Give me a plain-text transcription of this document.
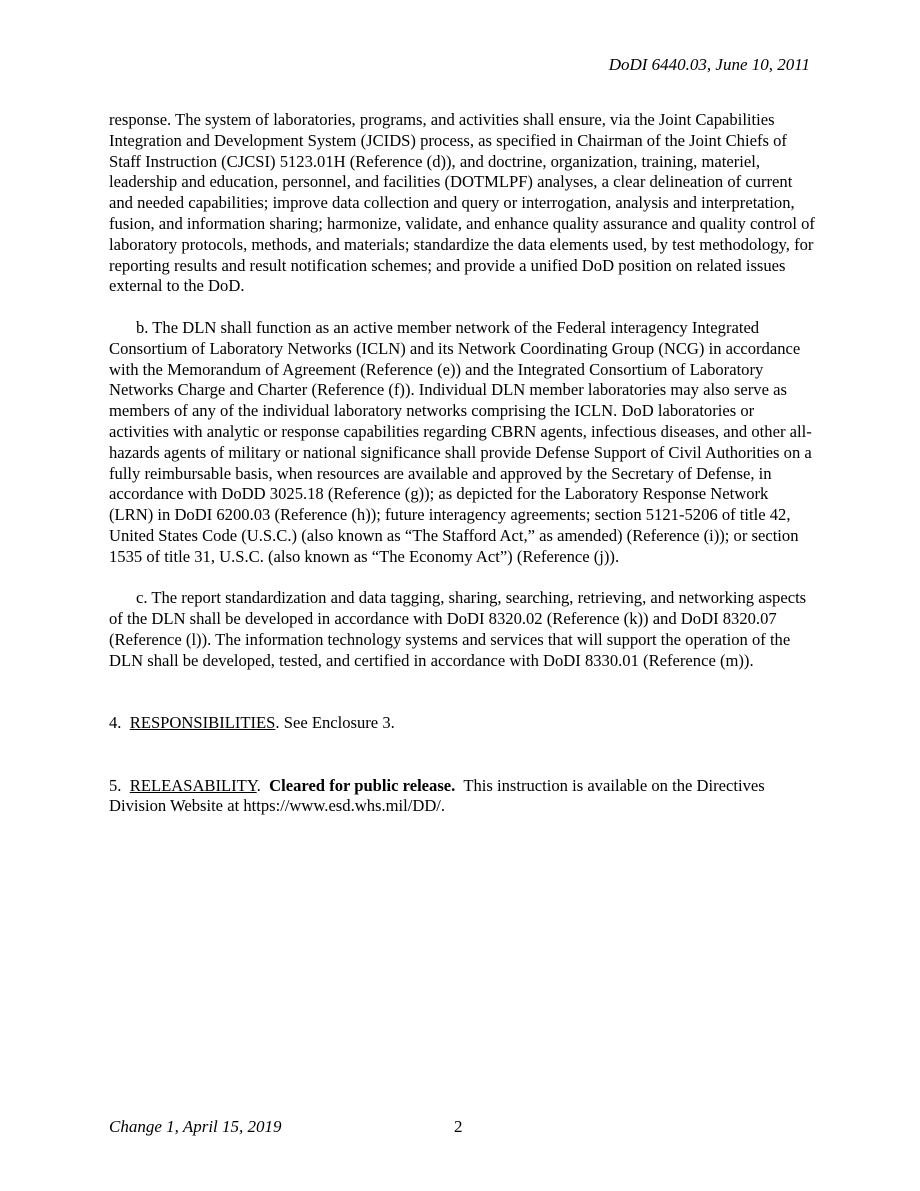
DoDI 6440.03, June 10, 2011

response. The system of laboratories, programs, and activities shall ensure, via the Joint Capabilities Integration and Development System (JCIDS) process, as specified in Chairman of the Joint Chiefs of Staff Instruction (CJCSI) 5123.01H (Reference (d)), and doctrine, organization, training, materiel, leadership and education, personnel, and facilities (DOTMLPF) analyses, a clear delineation of current and needed capabilities; improve data collection and query or interrogation, analysis and interpretation, fusion, and information sharing; harmonize, validate, and enhance quality assurance and quality control of laboratory protocols, methods, and materials; standardize the data elements used, by test methodology, for reporting results and result notification schemes; and provide a unified DoD position on related issues external to the DoD.

b. The DLN shall function as an active member network of the Federal interagency Integrated Consortium of Laboratory Networks (ICLN) and its Network Coordinating Group (NCG) in accordance with the Memorandum of Agreement (Reference (e)) and the Integrated Consortium of Laboratory Networks Charge and Charter (Reference (f)). Individual DLN member laboratories may also serve as members of any of the individual laboratory networks comprising the ICLN. DoD laboratories or activities with analytic or response capabilities regarding CBRN agents, infectious diseases, and other all-hazards agents of military or national significance shall provide Defense Support of Civil Authorities on a fully reimbursable basis, when resources are available and approved by the Secretary of Defense, in accordance with DoDD 3025.18 (Reference (g)); as depicted for the Laboratory Response Network (LRN) in DoDI 6200.03 (Reference (h)); future interagency agreements; section 5121-5206 of title 42, United States Code (U.S.C.) (also known as “The Stafford Act,” as amended) (Reference (i)); or section 1535 of title 31, U.S.C. (also known as “The Economy Act”) (Reference (j)).

c. The report standardization and data tagging, sharing, searching, retrieving, and networking aspects of the DLN shall be developed in accordance with DoDI 8320.02 (Reference (k)) and DoDI 8320.07 (Reference (l)). The information technology systems and services that will support the operation of the DLN shall be developed, tested, and certified in accordance with DoDI 8330.01 (Reference (m)).

4. RESPONSIBILITIES. See Enclosure 3.

5. RELEASABILITY.  Cleared for public release.  This instruction is available on the Directives Division Website at https://www.esd.whs.mil/DD/.

Change 1, April 15, 2019	2
